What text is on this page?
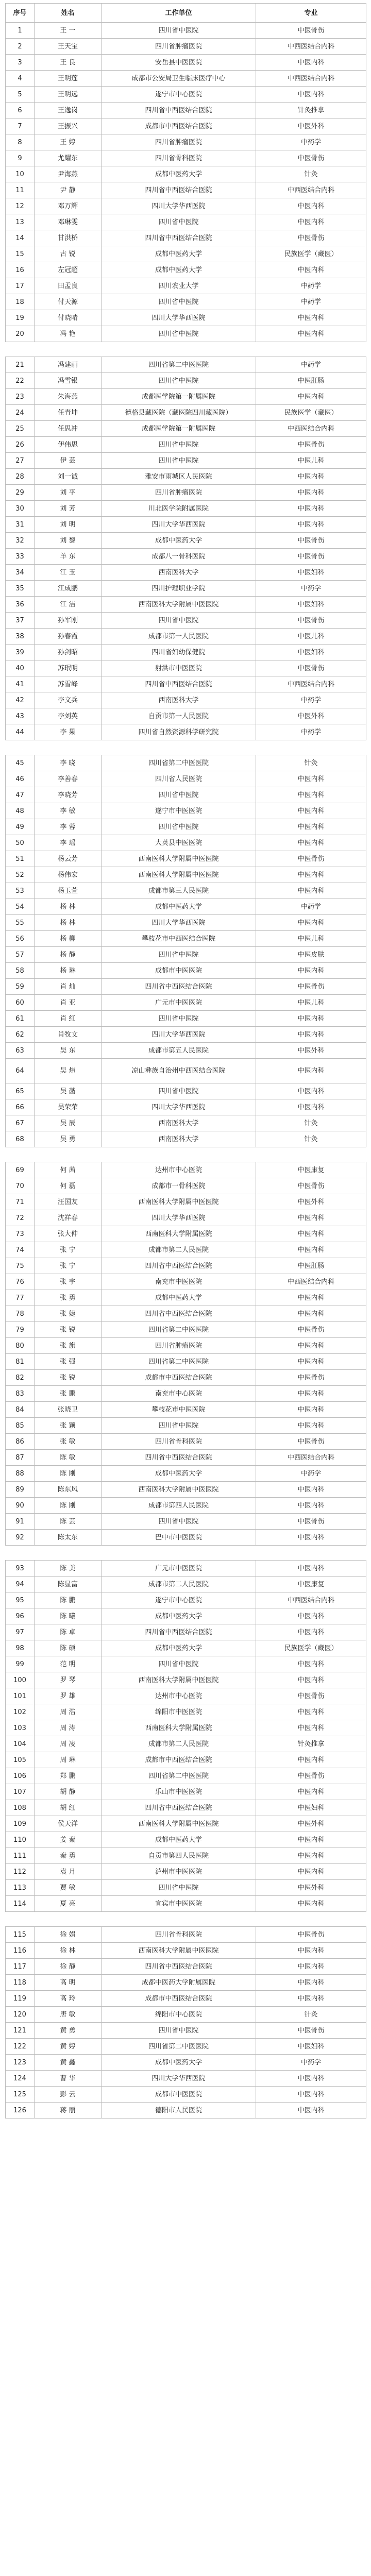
序号	姓名	工作单位	专业
1	王 一	四川省中医院	中医骨伤
2	王天宝	四川省肿瘤医院	中西医结合内科
3	王 良	安岳县中医医院	中医内科
4	王明莲	成都市公安局卫生临床医疗中心	中西医结合内科
5	王明远	遂宁市中心医院	中医内科
6	王逸岗	四川省中西医结合医院	针灸推拿
7	王振兴	成都市中西医结合医院	中医外科
8	王 婷	四川省肿瘤医院	中药学
9	尤耀东	四川省骨科医院	中医骨伤
10	尹海燕	成都中医药大学	针灸
11	尹 静	四川省中西医结合医院	中西医结合内科
12	邓万辉	四川大学华西医院	中医内科
13	邓琳雯	四川省中医院	中医内科
14	甘洪桥	四川省中西医结合医院	中医骨伤
15	古 锐	成都中医药大学	民族医学（藏医）
16	左冠超	成都中医药大学	中医内科
17	田孟良	四川农业大学	中药学
18	付天源	四川省中医院	中药学
19	付晓晴	四川大学华西医院	中医内科
20	冯 艳	四川省中医院	中医内科

21	冯建丽	四川省第二中医医院	中药学
22	冯雪银	四川省中医院	中医肛肠
23	朱海燕	成都医学院第一附属医院	中医内科
24	任青坤	德格县藏医院（藏医院四川藏医院）	民族医学（藏医）
25	任思冲	成都医学院第一附属医院	中西医结合内科
26	伊伟思	四川省中医院	中医骨伤
27	伊 芸	四川省中医院	中医儿科
28	刘一诚	雅安市雨城区人民医院	中医内科
29	刘 平	四川省肿瘤医院	中医内科
30	刘 芳	川北医学院附属医院	中医内科
31	刘 明	四川大学华西医院	中医内科
32	刘 黎	成都中医药大学	中医骨伤
33	羊 东	成都八一骨科医院	中医骨伤
34	江 玉	西南医科大学	中医妇科
35	江成鹏	四川护理职业学院	中药学
36	江 洁	西南医科大学附属中医医院	中医妇科
37	孙军刚	四川省中医院	中医骨伤
38	孙春霞	成都市第一人民医院	中医儿科
39	孙剑昭	四川省妇幼保健院	中医妇科
40	苏珉明	射洪市中医医院	中医骨伤
41	苏雪峰	四川省中西医结合医院	中西医结合内科
42	李文兵	西南医科大学	中药学
43	李刘英	自贡市第一人民医院	中医外科
44	李 果	四川省自然资源科学研究院	中药学

45	李 晓	四川省第二中医医院	针灸
46	李善春	四川省人民医院	中医内科
47	李晓芳	四川省中医院	中医内科
48	李 敏	遂宁市中医医院	中医内科
49	李 蓉	四川省中医院	中医内科
50	李 瑶	大英县中医医院	中医内科
51	杨云芳	西南医科大学附属中医医院	中医骨伤
52	杨伟宏	西南医科大学附属中医医院	中医内科
53	杨玉萱	成都市第三人民医院	中医内科
54	杨 林	成都中医药大学	中药学
55	杨 林	四川大学华西医院	中医内科
56	杨 柳	攀枝花市中西医结合医院	中医儿科
57	杨 静	四川省中医院	中医皮肤
58	杨 琳	成都市中医医院	中医内科
59	肖 灿	四川省中西医结合医院	中医骨伤
60	肖 亚	广元市中医医院	中医儿科
61	肖 红	四川省中医院	中医内科
62	肖牧文	四川大学华西医院	中医内科
63	吴 东	成都市第五人民医院	中医外科
64	吴 炜	凉山彝族自治州中西医结合医院	中医内科
65	吴 菡	四川省中医院	中医内科
66	吴荣荣	四川大学华西医院	中医内科
67	吴 辰	西南医科大学	针灸
68	吴 勇	西南医科大学	针灸

69	何 茜	达州市中心医院	中医康复
70	何 磊	成都市一骨科医院	中医骨伤
71	汪国友	西南医科大学附属中医医院	中医外科
72	沈祥春	四川大学华西医院	中医内科
73	张大仲	西南医科大学附属医院	中医内科
74	张 宁	成都市第二人民医院	中医内科
75	张 宁	四川省中西医结合医院	中医肛肠
76	张 宇	南充市中医医院	中西医结合内科
77	张 勇	成都中医药大学	中医内科
78	张 婕	四川省中西医结合医院	中医内科
79	张 锐	四川省第二中医医院	中医骨伤
80	张 旗	四川省肿瘤医院	中医内科
81	张 强	四川省第二中医医院	中医内科
82	张 锐	成都市中西医结合医院	中医骨伤
83	张 鹏	南充市中心医院	中医内科
84	张晓卫	攀枝花市中医医院	中医内科
85	张 颖	四川省中医院	中医内科
86	张 敏	四川省骨科医院	中医骨伤
87	陈 敏	四川省中西医结合医院	中西医结合内科
88	陈 刚	成都中医药大学	中药学
89	陈东风	西南医科大学附属中医医院	中医内科
90	陈 刚	成都市第四人民医院	中医内科
91	陈 芸	四川省中医院	中医骨伤
92	陈太东	巴中市中医医院	中医内科

93	陈 美	广元市中医医院	中医内科
94	陈显富	成都市第二人民医院	中医康复
95	陈 鹏	遂宁市中心医院	中西医结合内科
96	陈 曦	成都中医药大学	中医内科
97	陈 卓	四川省中西医结合医院	中医内科
98	陈 硕	成都中医药大学	民族医学（藏医）
99	范 明	四川省中医院	中医内科
100	罗 琴	西南医科大学附属中医医院	中医内科
101	罗 雄	达州市中心医院	中医骨伤
102	周 浩	绵阳市中医医院	中医内科
103	周 涛	西南医科大学附属医院	中医内科
104	周 凌	成都市第二人民医院	针灸推拿
105	周 琳	成都市中西医结合医院	中医内科
106	郑 鹏	四川省第二中医医院	中医骨伤
107	胡 静	乐山市中医医院	中医内科
108	胡 红	四川省中西医结合医院	中医妇科
109	侯天洋	西南医科大学附属中医医院	中医外科
110	姜 秦	成都中医药大学	中医内科
111	秦 勇	自贡市第四人民医院	中医内科
112	袁 月	泸州市中医医院	中医内科
113	贾 敏	四川省中医院	中医外科
114	夏 亮	宜宾市中医医院	中医内科

115	徐 娟	四川省骨科医院	中医骨伤
116	徐 林	西南医科大学附属中医医院	中医内科
117	徐 静	四川省中西医结合医院	中医内科
118	高 明	成都中医药大学附属医院	中医内科
119	高 玲	成都市中西医结合医院	中医内科
120	唐 敏	绵阳市中心医院	针灸
121	黄 勇	四川省中医院	中医骨伤
122	黄 婷	四川省第二中医医院	中医妇科
123	黄 鑫	成都中医药大学	中药学
124	曹 华	四川大学华西医院	中医内科
125	彭 云	成都市中医医院	中医内科
126	蒋 丽	德阳市人民医院	中医内科
